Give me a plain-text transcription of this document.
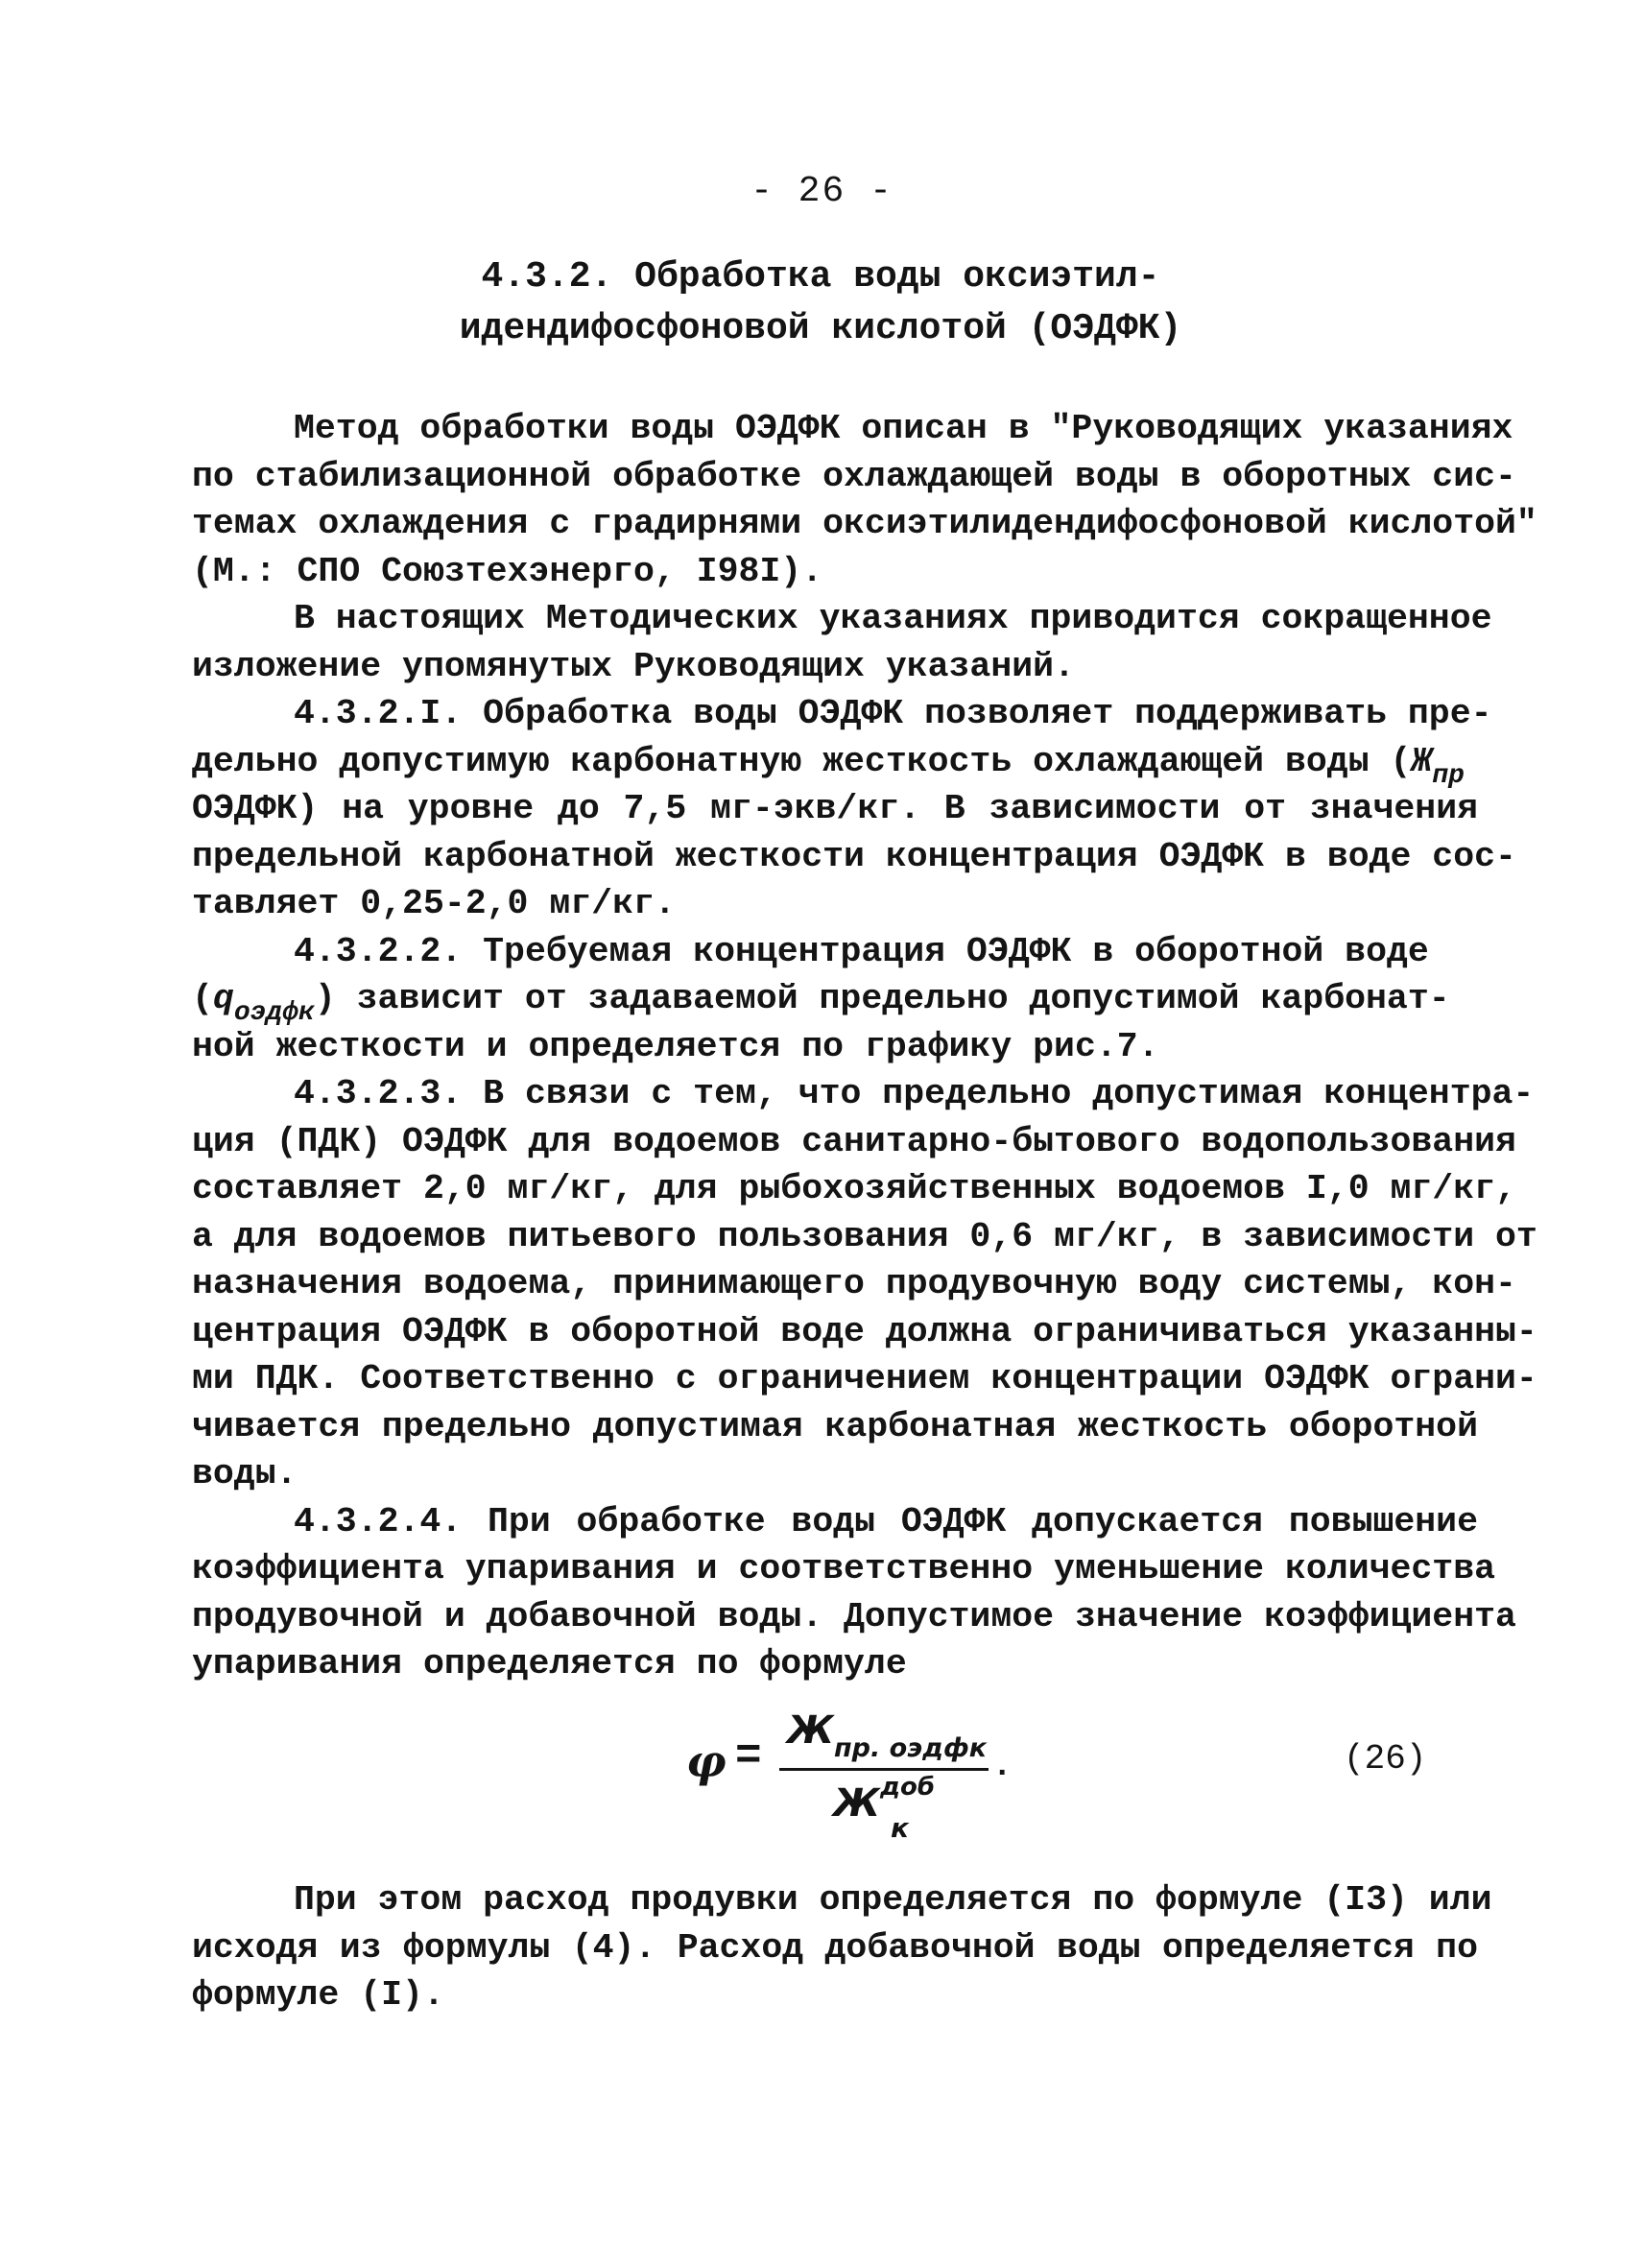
- 26 -
4.3.2. Обработка воды оксиэтил-
идендифосфоновой кислотой (ОЭДФК)
Метод обработки воды ОЭДФК описан в "Руководящих указаниях
по стабилизационной обработке охлаждающей воды в оборотных сис-
темах охлаждения с градирнями оксиэтилидендифосфоновой кислотой"
(М.: СПО Союзтехэнерго, I98I).
В настоящих Методических указаниях приводится сокращенное
изложение упомянутых Руководящих указаний.
4.3.2.I. Обработка воды ОЭДФК позволяет поддерживать пре-
дельно допустимую карбонатную жесткость охлаждающей воды ($Ж_{пр}$
ОЭДФК) на уровне до 7,5 мг-экв/кг. В зависимости от значения
предельной карбонатной жесткости концентрация ОЭДФК в воде сос-
тавляет 0,25-2,0 мг/кг.
4.3.2.2. Требуемая концентрация ОЭДФК в оборотной воде
$(q_{оэдфк})$ зависит от задаваемой предельно допустимой карбонат-
ной жесткости и определяется по графику рис.7.
4.3.2.3. В связи с тем, что предельно допустимая концентра-
ция (ПДК) ОЭДФК для водоемов санитарно-бытового водопользования
составляет 2,0 мг/кг, для рыбохозяйственных водоемов I,0 мг/кг,
а для водоемов питьевого пользования 0,6 мг/кг, в зависимости от
назначения водоема, принимающего продувочную воду системы, кон-
центрация ОЭДФК в оборотной воде должна ограничиваться указанны-
ми ПДК. Соответственно с ограничением концентрации ОЭДФК ограни-
чивается предельно допустимая карбонатная жесткость оборотной
воды.
4.3.2.4. При обработке воды ОЭДФК допускается повышение
коэффициента упаривания и соответственно уменьшение количества
продувочной и добавочной воды. Допустимое значение коэффициента
упаривания определяется по формуле
φ =
$Ж_{пр. оэдфк}$
.
$Ж^{доб}_к$
(26)
При этом расход продувки определяется по формуле (I3) или
исходя из формулы (4). Расход добавочной воды определяется по
формуле (I).
